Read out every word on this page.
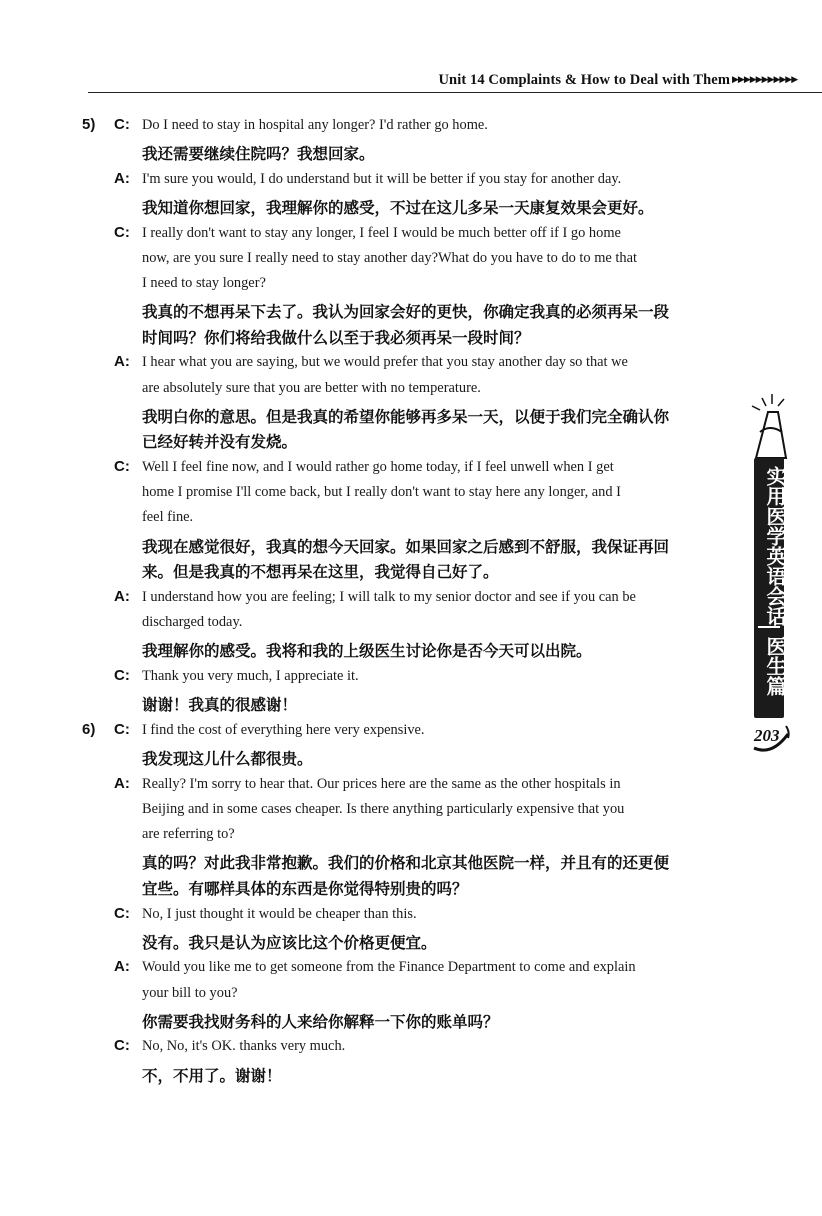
Unit 14 Complaints & How to Deal with Them ▶▶▶▶▶▶▶▶▶▶▶
5) C: Do I need to stay in hospital any longer? I'd rather go home.
我还需要继续住院吗？我想回家。
A: I'm sure you would, I do understand but it will be better if you stay for another day.
我知道你想回家，我理解你的感受，不过在这儿多呆一天康复效果会更好。
C: I really don't want to stay any longer, I feel I would be much better off if I go home
now, are you sure I really need to stay another day?What do you have to do to me that
I need to stay longer?
我真的不想再呆下去了。我认为回家会好的更快，你确定我真的必须再呆一段
时间吗？你们将给我做什么以至于我必须再呆一段时间？
A: I hear what you are saying, but we would prefer that you stay another day so that we
are absolutely sure that you are better with no temperature.
我明白你的意思。但是我真的希望你能够再多呆一天，以便于我们完全确认你
已经好转并没有发烧。
C: Well I feel fine now, and I would rather go home today, if I feel unwell when I get
home I promise I'll come back, but I really don't want to stay here any longer, and I
feel fine.
我现在感觉很好，我真的想今天回家。如果回家之后感到不舒服，我保证再回
来。但是我真的不想再呆在这里，我觉得自己好了。
A: I understand how you are feeling; I will talk to my senior doctor and see if you can be
discharged today.
我理解你的感受。我将和我的上级医生讨论你是否今天可以出院。
C: Thank you very much, I appreciate it.
谢谢！我真的很感谢！
6) C: I find the cost of everything here very expensive.
我发现这儿什么都很贵。
A: Really? I'm sorry to hear that. Our prices here are the same as the other hospitals in
Beijing and in some cases cheaper. Is there anything particularly expensive that you
are referring to?
真的吗？对此我非常抱歉。我们的价格和北京其他医院一样，并且有的还更便
宜些。有哪样具体的东西是你觉得特别贵的吗？
C: No, I just thought it would be cheaper than this.
没有。我只是认为应该比这个价格更便宜。
A: Would you like me to get someone from the Finance Department to come and explain
your bill to you?
你需要我找财务科的人来给你解释一下你的账单吗？
C: No, No, it's OK. thanks very much.
不，不用了。谢谢！
实用医学英语会话
医生篇
203
